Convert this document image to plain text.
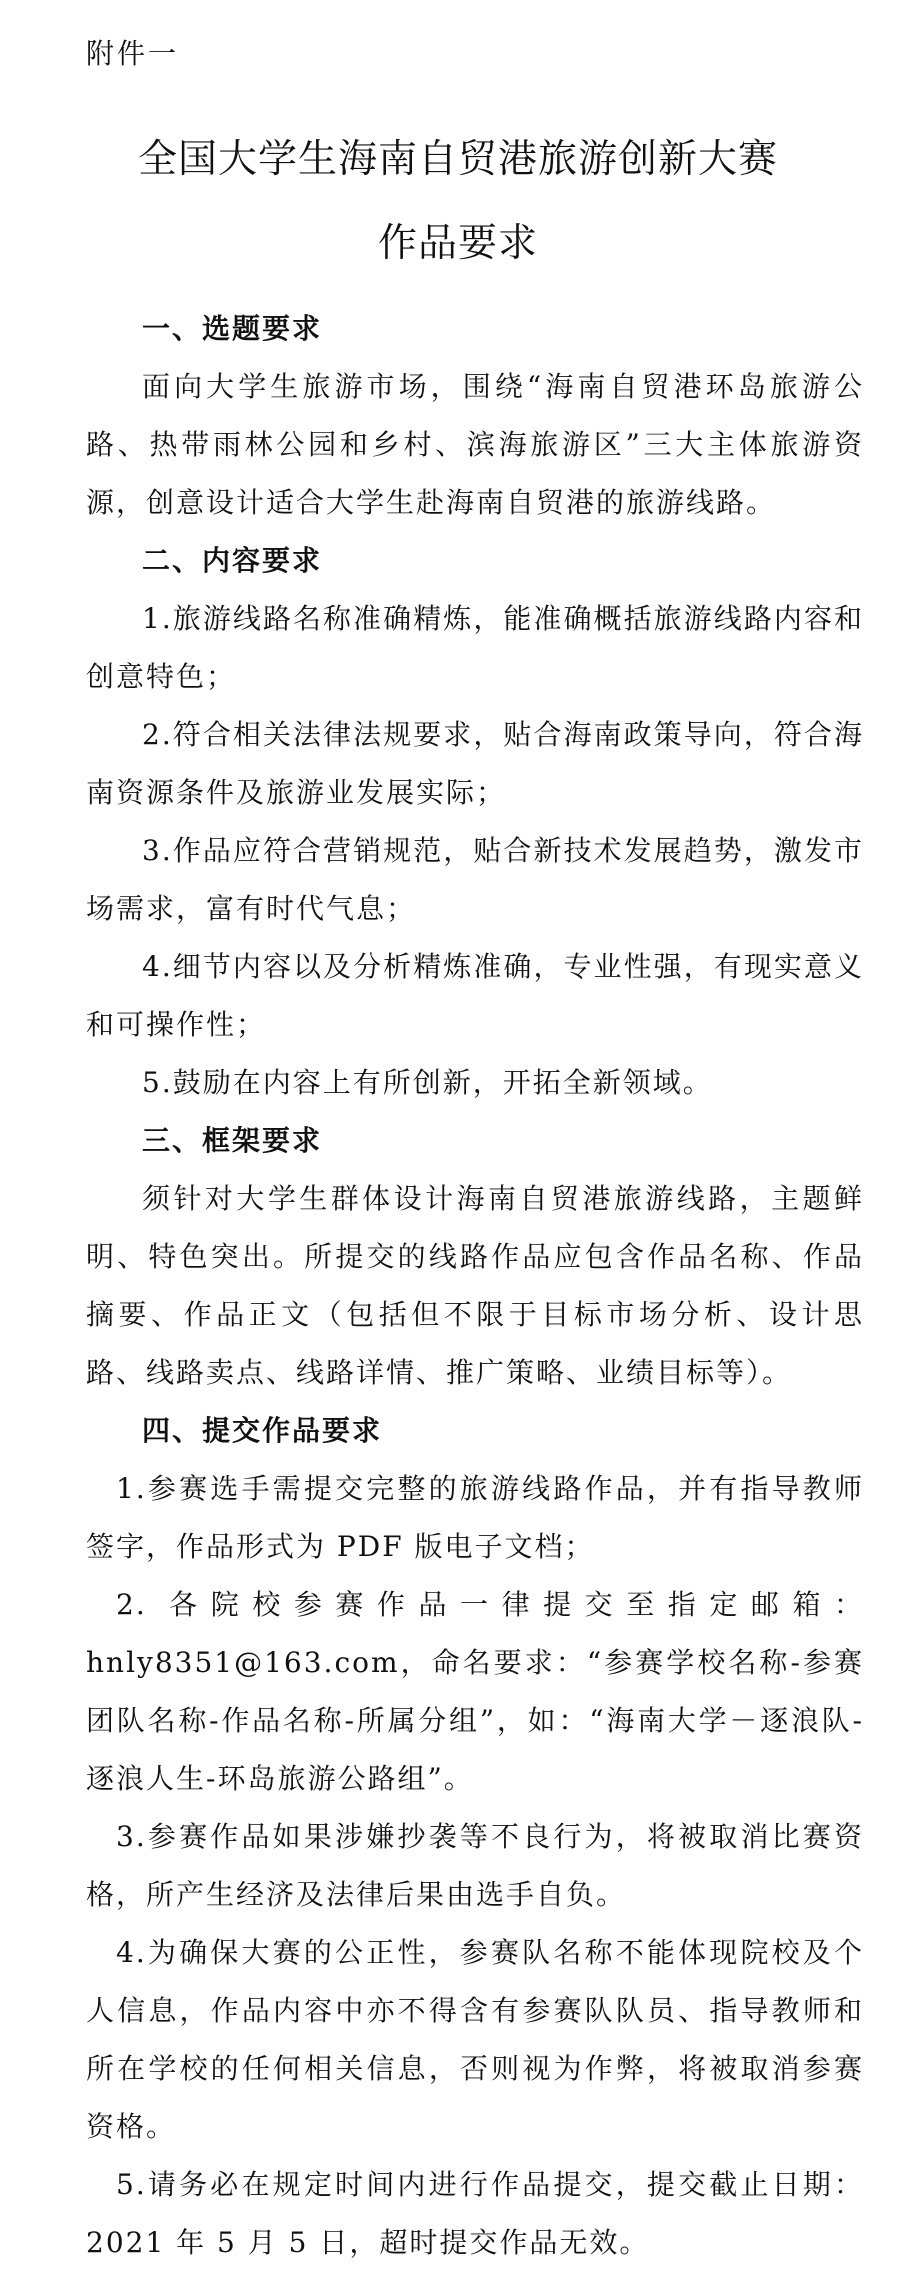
附件一
全国大学生海南自贸港旅游创新大赛
作品要求

一、选题要求

面向大学生旅游市场，围绕“海南自贸港环岛旅游公路、热带雨林公园和乡村、滨海旅游区”三大主体旅游资源，创意设计适合大学生赴海南自贸港的旅游线路。

二、内容要求

1.旅游线路名称准确精炼，能准确概括旅游线路内容和创意特色；

2.符合相关法律法规要求，贴合海南政策导向，符合海南资源条件及旅游业发展实际；

3.作品应符合营销规范，贴合新技术发展趋势，激发市场需求，富有时代气息；

4.细节内容以及分析精炼准确，专业性强，有现实意义和可操作性；

5.鼓励在内容上有所创新，开拓全新领域。

三、框架要求

须针对大学生群体设计海南自贸港旅游线路，主题鲜明、特色突出。所提交的线路作品应包含作品名称、作品摘要、作品正文（包括但不限于目标市场分析、设计思路、线路卖点、线路详情、推广策略、业绩目标等）。

四、提交作品要求

1.参赛选手需提交完整的旅游线路作品，并有指导教师签字，作品形式为 PDF 版电子文档；

2. 各院校参赛作品一律提交至指定邮箱：hnly8351@163.com，命名要求：“参赛学校名称-参赛团队名称-作品名称-所属分组”，如：“海南大学－逐浪队-逐浪人生-环岛旅游公路组”。

3.参赛作品如果涉嫌抄袭等不良行为，将被取消比赛资格，所产生经济及法律后果由选手自负。

4.为确保大赛的公正性，参赛队名称不能体现院校及个人信息，作品内容中亦不得含有参赛队队员、指导教师和所在学校的任何相关信息，否则视为作弊，将被取消参赛资格。

5.请务必在规定时间内进行作品提交，提交截止日期：2021 年 5 月 5 日，超时提交作品无效。
